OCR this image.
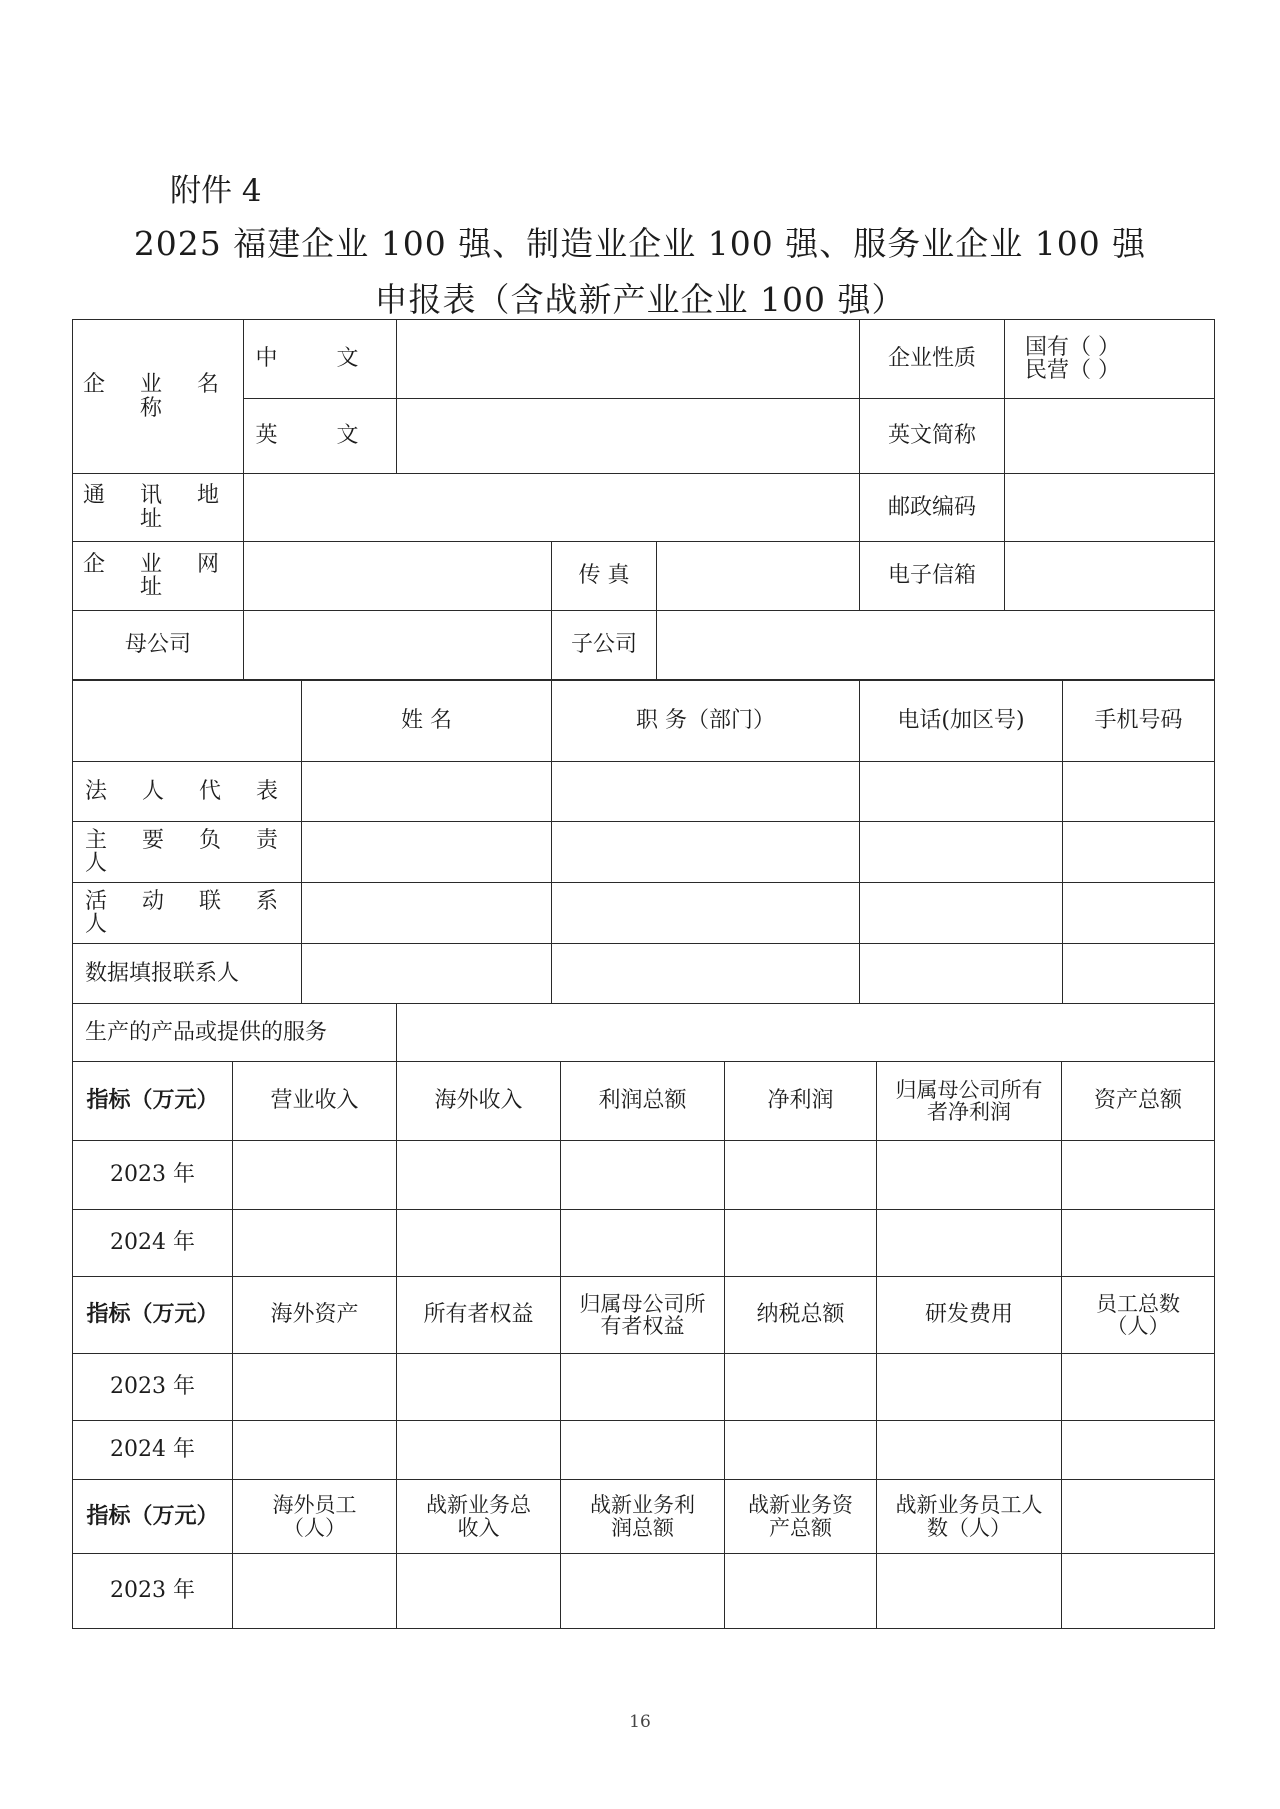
附件 4
2025 福建企业 100 强、制造业企业 100 强、服务业企业 100 强
申报表（含战新产业企业 100 强）
企 业 名 称	中 文				企业性质	国有（ ）
民营（ ）

	英 文				英文简称	
通 讯 地 址					邮政编码	
企 业 网 址			传 真		电子信箱	
母公司			子公司			
	姓 名		职 务（部门）	电话(加区号)	手机号码
法 人 代 表					
主 要 负 责 人					
活 动 联 系 人					
数据填报联系人					
生产的产品或提供的服务					
指标（万元）	营业收入	海外收入	利润总额	净利润	归属母公司所有者净利润	资产总额
2023 年						
2024 年						
指标（万元）	海外资产	所有者权益	归属母公司所有者权益	纳税总额	研发费用	员工总数（人）
2023 年						
2024 年						
指标（万元）	海外员工（人）	战新业务总收入	战新业务利润总额	战新业务资产总额	战新业务员工人数（人）	
2023 年						
16
